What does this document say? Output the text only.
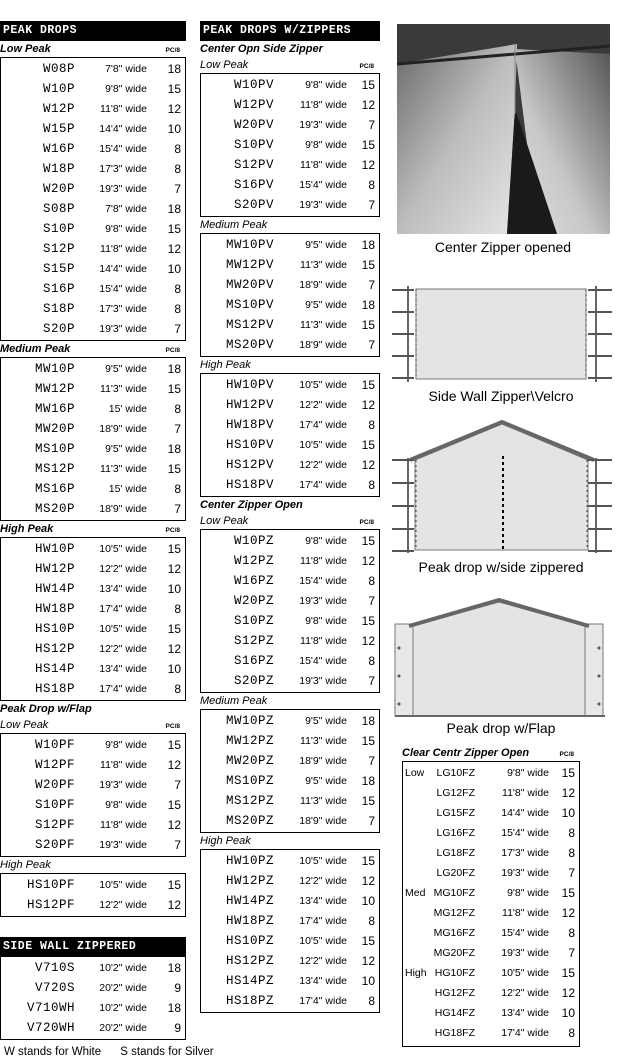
PEAK DROPS
Low Peak	PC/8
W08P	7'8" wide 18
W10P	9'8" wide 15
W12P 11'8" wide 12
W15P 14'4" wide 10
W16P 15'4" wide 8
W18P 17'3" wide 8
W20P 19'3" wide 7
S08P	7'8" wide 18
S10P	9'8" wide 15
S12P 11'8" wide 12
S15P 14'4" wide 10
S16P 15'4" wide 8
S18P 17'3" wide 8
S20P 19'3" wide 7
Medium Peak	PC/8
MW10P	9'5" wide 18
MW12P 11'3" wide 15
MW16P	15' wide 8
MW20P 18'9" wide 7
MS10P	9'5" wide 18
MS12P 11'3" wide 15
MS16P	15' wide 8
MS20P 18'9" wide 7
High Peak	PC/8
HW10P 10'5" wide 15
HW12P 12'2" wide 12
HW14P 13'4" wide 10
HW18P 17'4" wide 8
HS10P 10'5" wide 15
HS12P 12'2" wide 12
HS14P 13'4" wide 10
HS18P 17'4" wide 8
Peak Drop w/Flap
Low Peak	PC/8
W10PF	9'8" wide 15
W12PF 11'8" wide 12
W20PF 19'3" wide 7
S10PF	9'8" wide 15
S12PF 11'8" wide 12
S20PF 19'3" wide 7
High Peak
HS10PF 10'5" wide 15
HS12PF 12'2" wide 12
SIDE WALL ZIPPERED
V710S 10'2" wide 18
V720S 20'2" wide 9
V710WH 10'2" wide 18
V720WH 20'2" wide 9
PEAK DROPS W/ZIPPERS
Center Opn Side Zipper
Low Peak	PC/8
W10PV	9'8" wide 15
W12PV 11'8" wide 12
W20PV 19'3" wide 7
S10PV	9'8" wide 15
S12PV 11'8" wide 12
S16PV 15'4" wide 8
S20PV 19'3" wide 7
Medium Peak
MW10PV	9'5" wide 18
MW12PV 11'3" wide 15
MW20PV 18'9" wide 7
MS10PV	9'5" wide 18
MS12PV 11'3" wide 15
MS20PV 18'9" wide 7
High Peak
HW10PV 10'5" wide 15
HW12PV 12'2" wide 12
HW18PV 17'4" wide 8
HS10PV 10'5" wide 15
HS12PV 12'2" wide 12
HS18PV 17'4" wide 8
Center Zipper Open
Low Peak	PC/8
W10PZ	9'8" wide 15
W12PZ 11'8" wide 12
W16PZ 15'4" wide 8
W20PZ 19'3" wide 7
S10PZ	9'8" wide 15
S12PZ 11'8" wide 12
S16PZ 15'4" wide 8
S20PZ 19'3" wide 7
Medium Peak
MW10PZ	9'5" wide 18
MW12PZ 11'3" wide 15
MW20PZ 18'9" wide 7
MS10PZ	9'5" wide 18
MS12PZ 11'3" wide 15
MS20PZ 18'9" wide 7
High Peak
HW10PZ 10'5" wide 15
HW12PZ 12'2" wide 12
HW14PZ 13'4" wide 10
HW18PZ 17'4" wide 8
HS10PZ 10'5" wide 15
HS12PZ 12'2" wide 12
HS14PZ 13'4" wide 10
HS18PZ 17'4" wide 8
Center Zipper opened
Side Wall Zipper\Velcro
Peak drop w/side zippered
Peak drop w/Flap
Clear Centr Zipper Open	PC/8
Low LG10FZ	9'8" wide 15
LG12FZ	11'8" wide 12
LG15FZ 14'4" wide 10
LG16FZ 15'4" wide 8
LG18FZ 17'3" wide 8
LG20FZ 19'3" wide 7
Med MG10FZ	9'8" wide 15
MG12FZ	11'8" wide 12
MG16FZ 15'4" wide 8
MG20FZ 19'3" wide 7
High HG10FZ 10'5" wide 15
HG12FZ 12'2" wide 12
HG14FZ 13'4" wide 10
HG18FZ 17'4" wide 8
W stands for White      S stands for Silver
